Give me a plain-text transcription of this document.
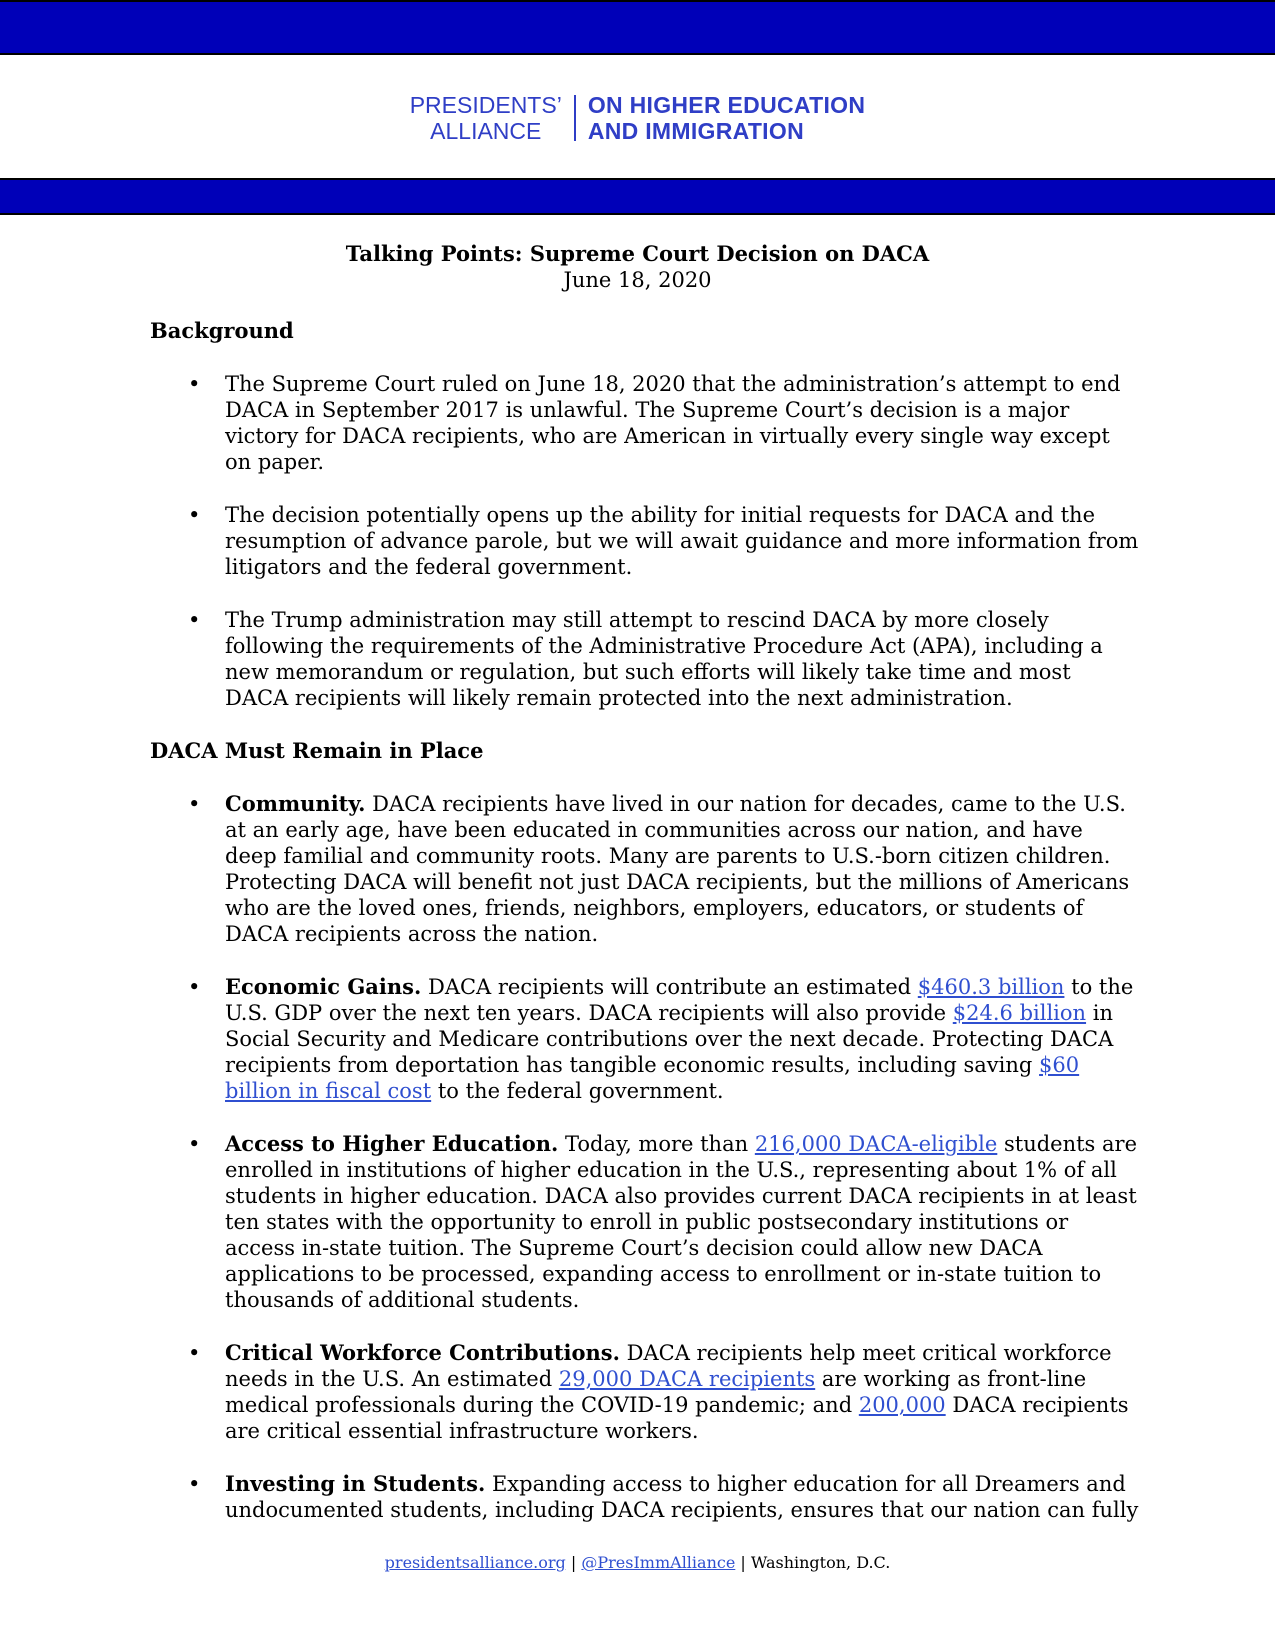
PRESIDENTS’
ALLIANCE
ON HIGHER EDUCATION
AND IMMIGRATION
Talking Points: Supreme Court Decision on DACA
June 18, 2020
Background
• The Supreme Court ruled on June 18, 2020 that the administration’s attempt to end DACA in September 2017 is unlawful. The Supreme Court’s decision is a major victory for DACA recipients, who are American in virtually every single way except on paper.
• The decision potentially opens up the ability for initial requests for DACA and the resumption of advance parole, but we will await guidance and more information from litigators and the federal government.
• The Trump administration may still attempt to rescind DACA by more closely following the requirements of the Administrative Procedure Act (APA), including a new memorandum or regulation, but such efforts will likely take time and most DACA recipients will likely remain protected into the next administration.
DACA Must Remain in Place
• Community. DACA recipients have lived in our nation for decades, came to the U.S. at an early age, have been educated in communities across our nation, and have deep familial and community roots. Many are parents to U.S.-born citizen children. Protecting DACA will benefit not just DACA recipients, but the millions of Americans who are the loved ones, friends, neighbors, employers, educators, or students of DACA recipients across the nation.
• Economic Gains. DACA recipients will contribute an estimated $460.3 billion to the U.S. GDP over the next ten years. DACA recipients will also provide $24.6 billion in Social Security and Medicare contributions over the next decade. Protecting DACA recipients from deportation has tangible economic results, including saving $60 billion in fiscal cost to the federal government.
• Access to Higher Education. Today, more than 216,000 DACA-eligible students are enrolled in institutions of higher education in the U.S., representing about 1% of all students in higher education. DACA also provides current DACA recipients in at least ten states with the opportunity to enroll in public postsecondary institutions or access in-state tuition. The Supreme Court’s decision could allow new DACA applications to be processed, expanding access to enrollment or in-state tuition to thousands of additional students.
• Critical Workforce Contributions. DACA recipients help meet critical workforce needs in the U.S. An estimated 29,000 DACA recipients are working as front-line medical professionals during the COVID-19 pandemic; and 200,000 DACA recipients are critical essential infrastructure workers.
• Investing in Students. Expanding access to higher education for all Dreamers and undocumented students, including DACA recipients, ensures that our nation can fully
presidentsalliance.org | @PresImmAlliance | Washington, D.C.
